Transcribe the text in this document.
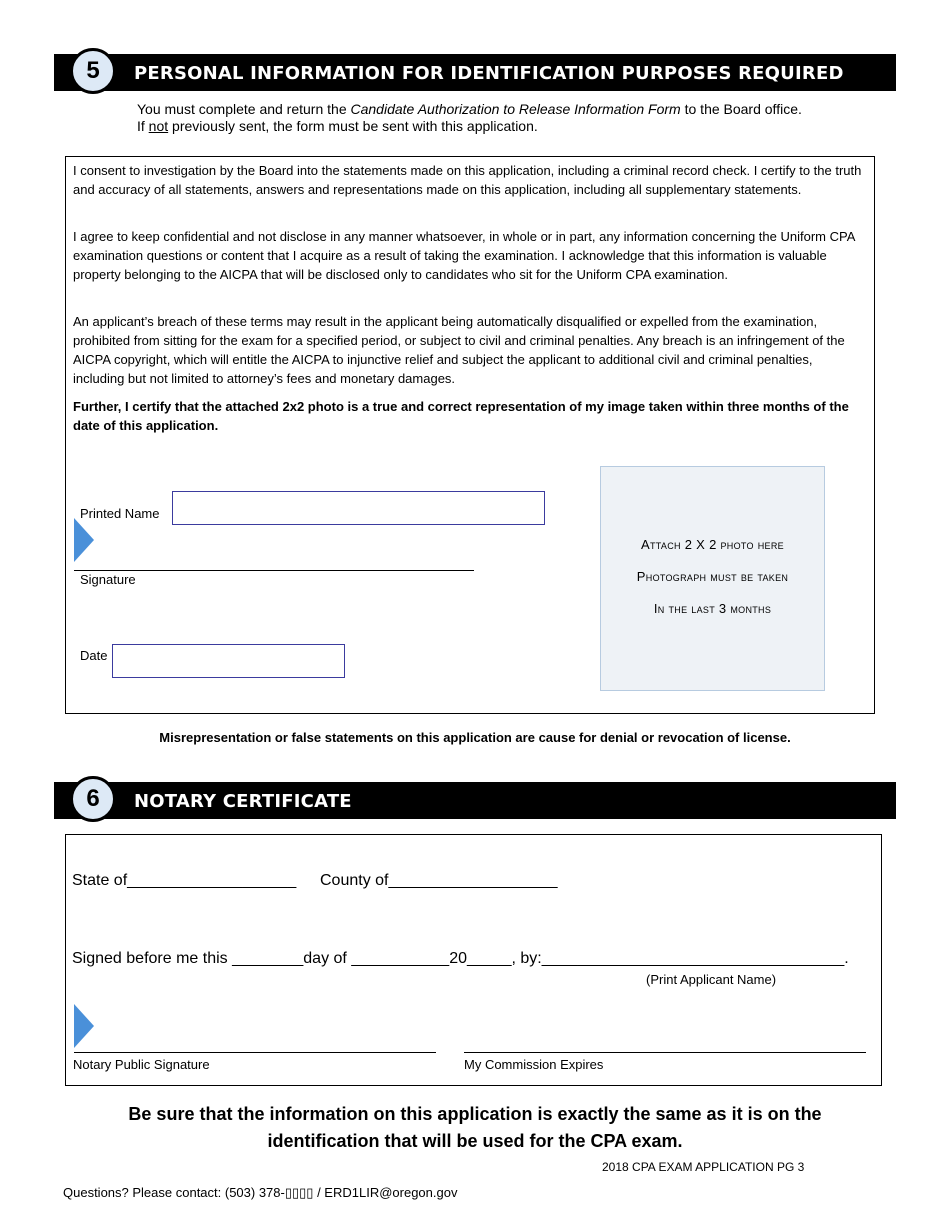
5	PERSONAL INFORMATION FOR IDENTIFICATION PURPOSES REQUIRED
You must complete and return the Candidate Authorization to Release Information Form to the Board office.
If not previously sent, the form must be sent with this application.

I consent to investigation by the Board into the statements made on this application, including a criminal record check. I certify to the truth and accuracy of all statements, answers and representations made on this application, including all supplementary statements.

I agree to keep confidential and not disclose in any manner whatsoever, in whole or in part, any information concerning the Uniform CPA examination questions or content that I acquire as a result of taking the examination. I acknowledge that this information is valuable property belonging to the AICPA that will be disclosed only to candidates who sit for the Uniform CPA examination.

An applicant’s breach of these terms may result in the applicant being automatically disqualified or expelled from the examination, prohibited from sitting for the exam for a specified period, or subject to civil and criminal penalties. Any breach is an infringement of the AICPA copyright, which will entitle the AICPA to injunctive relief and subject the applicant to additional civil and criminal penalties, including but not limited to attorney’s fees and monetary damages.

Further, I certify that the attached 2x2 photo is a true and correct representation of my image taken within three months of the date of this application.

Printed Name
Signature
Date
Attach 2 X 2 photo here
Photograph must be taken
In the last 3 months
Misrepresentation or false statements on this application are cause for denial or revocation of license.
6	NOTARY CERTIFICATE
State of___________________ County of___________________
Signed before me this ________day of ___________20_____, by:__________________________________.
(Print Applicant Name)
Notary Public Signature	My Commission Expires
Be sure that the information on this application is exactly the same as it is on the identification that will be used for the CPA exam.
2018 CPA EXAM APPLICATION PG 3
Questions? Please contact: (503) 378-▯▯▯▯ / ERD1LIR@oregon.gov
